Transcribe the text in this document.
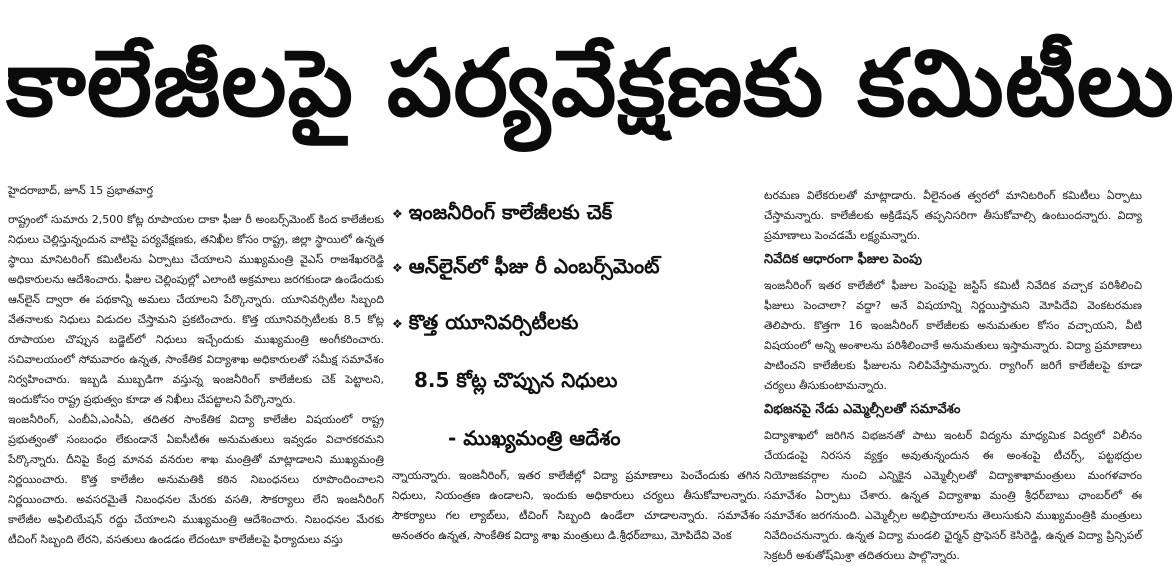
కాలేజీలపై పర్యవేక్షణకు కమిటీలు
హైదరాబాద్, జూన్ 15 ప్రభాతవార్త

రాష్ట్రంలో సుమారు 2,500 కోట్ల రూపాయల దాకా ఫీజు రీ అంబర్స్‌మెంట్ కింద కాలేజీలకు నిధులు చెల్లిస్తున్నందున వాటిపై పర్యవేక్షణకు, తనిఖీల కోసం రాష్ట్ర, జిల్లా స్థాయిలో ఉన్నత స్థాయి మానిటరింగ్ కమిటీలను ఏర్పాటు చేయాలని ముఖ్యమంత్రి వైఎస్ రాజశేఖరరెడ్డి అధికారులను ఆదేశించారు. ఫీజుల చెల్లింపుల్లో ఎలాంటి అక్రమాలు జరగకుండా ఉండేందుకు ఆన్‌లైన్ ద్వారా ఈ పథకాన్ని అమలు చేయాలని పేర్కొన్నారు. యూనివర్సిటీల సిబ్బంది వేతనాలకు నిధులు విడుదల చేస్తామని ప్రకటించారు. కొత్త యూనివర్సిటీలకు 8.5 కోట్ల రూపాయల చొప్పున బడ్జెట్‌లో నిధులు ఇచ్చేందుకు ముఖ్యమంత్రి అంగీకరించారు. సచివాలయంలో సోమవారం ఉన్నత, సాంకేతిక విద్యాశాఖ అధికారులతో సమీక్ష సమావేశం నిర్వహించారు. ఇబ్బడి ముబ్బడిగా వస్తున్న ఇంజనీరింగ్ కాలేజీలకు చెక్ పెట్టాలని, ఇందుకోసం రాష్ట్ర ప్రభుత్వం కూడా త నిఖీలు చేపట్టాలని పేర్కొన్నారు.

ఇంజనీరింగ్, ఎంబీఏ,ఎంసీఏ, తదితర సాంకేతిక విద్యా కాలేజీల విషయంలో రాష్ట్ర ప్రభుత్వంతో సంబంధం లేకుండానే ఏఐసీటీఈ అనుమతులు ఇవ్వడం విచారకరమని పేర్కొన్నారు. దీనిపై కేంద్ర మానవ వనరుల శాఖ మంత్రితో మాట్లాడాలని ముఖ్యమంత్రి నిర్ణయించారు. కొత్త కాలేజీల అనుమతికి కఠిన నిబంధనలు రూపొందించాలని నిర్ణయించారు. అవసరమైతే నిబంధనల మేరకు వసతి, సౌకర్యాలు లేని ఇంజనీరింగ్ కాలేజీల అఫిలియేషన్ రద్దు చేయాలని ముఖ్యమంత్రి ఆదేశించారు. నిబంధనల మేరకు టీచింగ్ సిబ్బంది లేరని, వసతులు ఉండడం లేదంటూ కాలేజీలపై ఫిర్యాదులు వస్తు

❖ ఇంజనీరింగ్ కాలేజీలకు చెక్
❖ ఆన్‌లైన్‌లో ఫీజు రీ ఎంబర్స్‌మెంట్
❖ కొత్త యూనివర్సిటీలకు
8.5 కోట్ల చొప్పున నిధులు
- ముఖ్యమంత్రి ఆదేశం

న్నాయన్నారు. ఇంజనీరింగ్, ఇతర కాలేజీల్లో విద్యా ప్రమాణాలు పెంచేందుకు తగిన నిధులు, నియంత్రణ ఉండాలని, ఇందుకు అధికారులు చర్యలు తీసుకోవాలన్నారు. సౌకర్యాలు గల ల్యాబ్‌లు, టీచింగ్ సిబ్బంది ఉండేలా చూడాలన్నారు. సమావేశం అనంతరం ఉన్నత, సాంకేతిక విద్యా శాఖ మంత్రులు డి.శ్రీధర్‌బాబు, మోపిదేవి వెంక

టరమణ విలేకరులతో మాట్లాడారు. వీలైనంత త్వరలో మానిటరింగ్ కమిటీలు ఏర్పాటు చేస్తామన్నారు. కాలేజీలకు అక్రిడేషన్ తప్పనిసరిగా తీసుకోవాల్సి ఉంటుందన్నారు. విద్యా ప్రమాణాలు పెంచడమే లక్ష్యమన్నారు.

నివేదిక ఆధారంగా ఫీజుల పెంపు

ఇంజనీరింగ్ ఇతర కాలేజీలో ఫీజుల పెంపుపై జస్టిస్ కమిటీ నివేదిక వచ్చాక పరిశీలించి ఫీజులు పెంచాలా? వద్దా? అనే విషయాన్ని నిర్ణయిస్తామని మోపిదేవి వెంకటరమణ తెలిపారు. కొత్తగా 16 ఇంజనీరింగ్ కాలేజీలకు అనుమతుల కోసం వచ్చాయని, వీటి విషయంలో అన్ని అంశాలను పరిశీలించాకే అనుమతులు ఇస్తామన్నారు. విద్యా ప్రమాణాలు పాటించని కాలేజీలకు ఫీజులను నిలిపివేస్తామన్నారు. ర్యాగింగ్ జరిగే కాలేజీలపై కూడా చర్యలు తీసుకుంటామన్నారు.

విభజనపై నేడు ఎమ్మెల్సీలతో సమావేశం

విద్యాశాఖలో జరిగిన విభజనతో పాటు ఇంటర్ విద్యను మాధ్యమిక విద్యలో విలీనం చేయడంపై నిరసన వ్యక్తం అవుతున్నందున ఈ అంశంపై టీచర్స్, పట్టభద్రుల నియోజకవర్గాల నుంచి ఎన్నికైన ఎమ్మెల్సీలతో విద్యాశాఖామంత్రులు మంగళవారం సమావేశం ఏర్పాటు చేశారు. ఉన్నత విద్యాశాఖ మంత్రి శ్రీధర్‌బాబు ఛాంబర్‌లో ఈ సమావేశం జరగనుంది. ఎమ్మెల్సీల అభిప్రాయాలను తెలుసుకుని ముఖ్యమంత్రికి మంత్రులు నివేదించనున్నారు. ఉన్నత విద్యా మండలి ఛైర్మన్ ప్రొఫెసర్ కెసిరెడ్డి, ఉన్నత విద్యా ప్రిన్సిపల్ సెక్రటరీ అశుతోష్‌మిశ్రా తదితరులు పాల్గొన్నారు.
